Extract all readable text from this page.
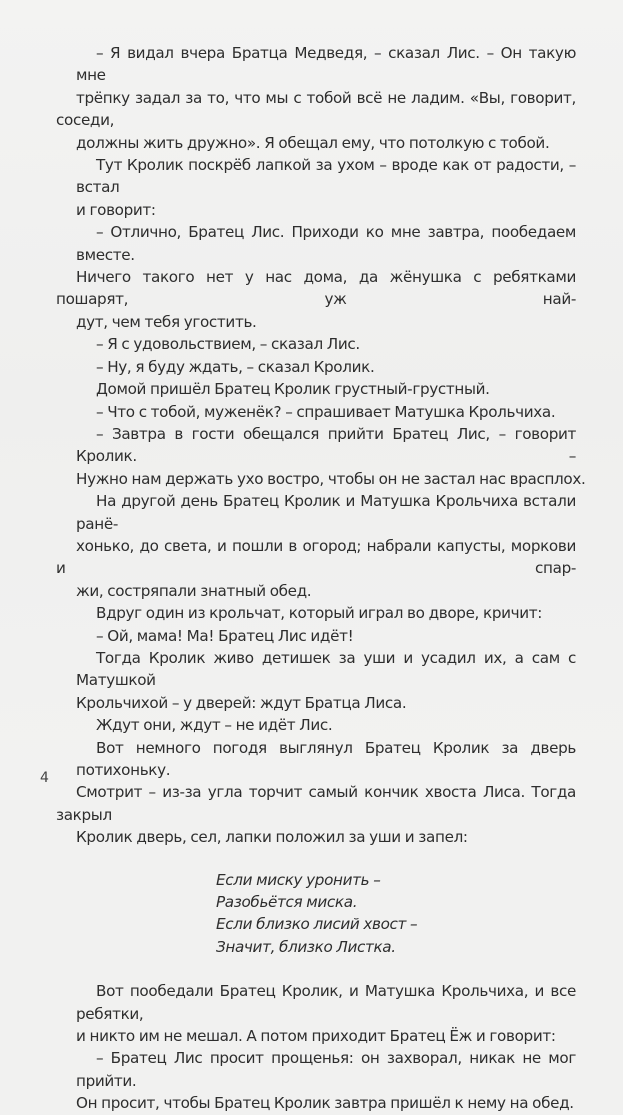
– Я видал вчера Братца Медведя, – сказал Лис. – Он такую мне
трёпку задал за то, что мы с тобой всё не ладим. «Вы, говорит, соседи,
должны жить дружно». Я обещал ему, что потолкую с тобой.

Тут Кролик поскрёб лапкой за ухом – вроде как от радости, – встал
и говорит:

– Отлично, Братец Лис. Приходи ко мне завтра, пообедаем вместе.
Ничего такого нет у нас дома, да жёнушка с ребятками пошарят, уж най-
дут, чем тебя угостить.

– Я с удовольствием, – сказал Лис.

– Ну, я буду ждать, – сказал Кролик.

Домой пришёл Братец Кролик грустный-грустный.

– Что с тобой, муженёк? – спрашивает Матушка Крольчиха.

– Завтра в гости обещался прийти Братец Лис, – говорит Кролик. –
Нужно нам держать ухо востро, чтобы он не застал нас врасплох.

На другой день Братец Кролик и Матушка Крольчиха встали ранё-
хонько, до света, и пошли в огород; набрали капусты, моркови и спар-
жи, состряпали знатный обед.

Вдруг один из крольчат, который играл во дворе, кричит:

– Ой, мама! Ма! Братец Лис идёт!

Тогда Кролик живо детишек за уши и усадил их, а сам с Матушкой
Крольчихой – у дверей: ждут Братца Лиса.

Ждут они, ждут – не идёт Лис.

Вот немного погодя выглянул Братец Кролик за дверь потихоньку.
Смотрит – из-за угла торчит самый кончик хвоста Лиса. Тогда закрыл
Кролик дверь, сел, лапки положил за уши и запел:

Если миску уронить –
Разобьётся миска.
Если близко лисий хвост –
Значит, близко Листка.

Вот пообедали Братец Кролик, и Матушка Крольчиха, и все ребятки,
и никто им не мешал. А потом приходит Братец Ёж и говорит:

– Братец Лис просит прощенья: он захворал, никак не мог прийти.
Он просит, чтобы Братец Кролик завтра пришёл к нему на обед.

4
